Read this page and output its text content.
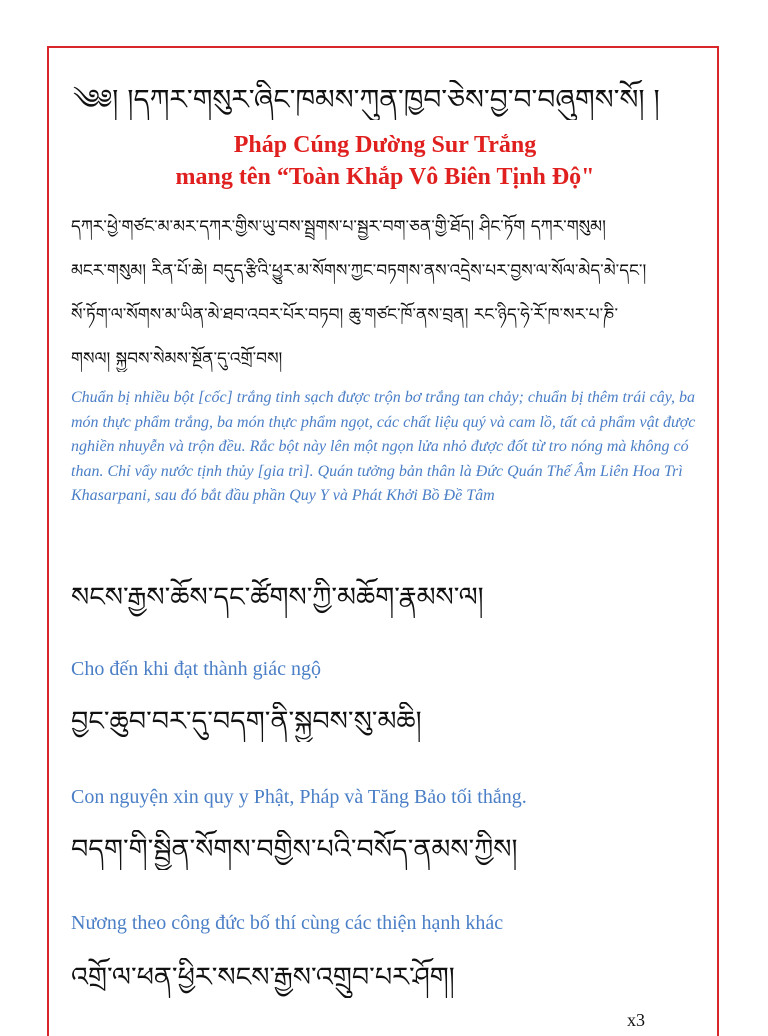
༄༅། །དཀར་གསུར་ཞིང་ཁམས་ཀུན་ཁྱབ་ཅེས་བྱ་བ་བཞུགས་སོ། །
Pháp Cúng Dường Sur Trắng
mang tên “Toàn Khắp Vô Biên Tịnh Độ"
དཀར་ཕྱེ་གཙང་མ་མར་དཀར་གྱིས་ཡུ་བས་སྦྲགས་པ་སྦྱར་བག་ཅན་གྱི་ཐོད། ཤིང་ཏོག དཀར་གསུམ།
མངར་གསུམ། རིན་པོ་ཆེ། བདུད་རྩིའི་ཕྱུར་མ་སོགས་ཀྱང་བཏགས་ནས་འདྲེས་པར་བྱས་ལ་སོལ་མེད་མེ་དང་།
སོ་ཏོག་ལ་སོགས་མ་ཡིན་མེ་ཐབ་འབར་པོར་བཏབ། ཆུ་གཙང་ཁོ་ནས་བྲན། རང་ཉིད་ཧེ་རོ་ཁ་སར་པ་ཎི་
གསལ། སྐྱབས་སེམས་སྔོན་དུ་འགྲོ་བས།
Chuẩn bị nhiều bột [cốc] trắng tinh sạch được trộn bơ trắng tan chảy; chuẩn bị thêm trái cây, ba món thực phẩm trắng, ba món thực phẩm ngọt, các chất liệu quý và cam lồ, tất cả phẩm vật được nghiền nhuyễn và trộn đều. Rắc bột này lên một ngọn lửa nhỏ được đốt từ tro nóng mà không có than. Chỉ vẩy nước tịnh thủy [gia trì]. Quán tưởng bản thân là Đức Quán Thế Âm Liên Hoa Trì Khasarpani, sau đó bắt đầu phần Quy Y và Phát Khởi Bồ Đề Tâm
སངས་རྒྱས་ཆོས་དང་ཚོགས་ཀྱི་མཆོག་རྣམས་ལ།
Cho đến khi đạt thành giác ngộ
བྱང་ཆུབ་བར་དུ་བདག་ནི་སྐྱབས་སུ་མཆི།
Con nguyện xin quy y Phật, Pháp và Tăng Bảo tối thắng.
བདག་གི་སྦྱིན་སོགས་བགྱིས་པའི་བསོད་ནམས་ཀྱིས།
Nương theo công đức bố thí cùng các thiện hạnh khác
འགྲོ་ལ་ཕན་ཕྱིར་སངས་རྒྱས་འགྲུབ་པར་ཤོག།
x3
